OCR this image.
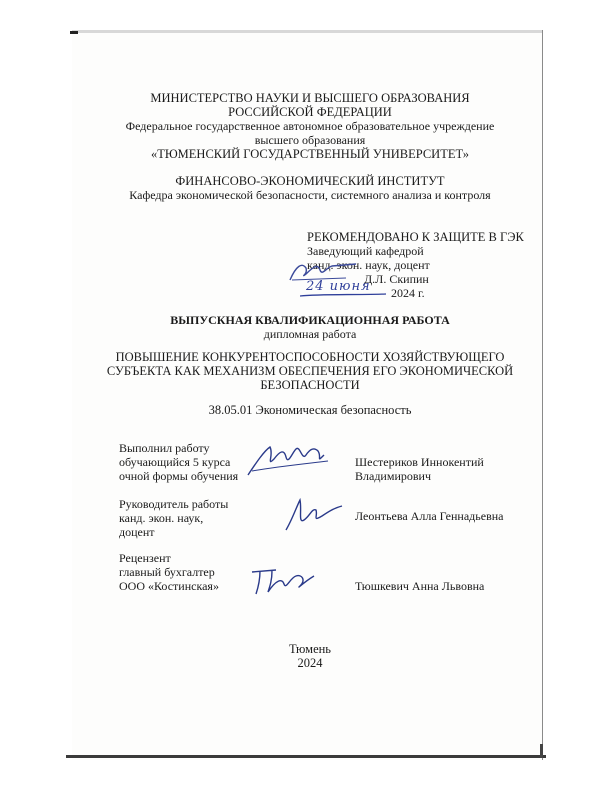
МИНИСТЕРСТВО НАУКИ И ВЫСШЕГО ОБРАЗОВАНИЯ
РОССИЙСКОЙ ФЕДЕРАЦИИ
Федеральное государственное автономное образовательное учреждение
высшего образования
«ТЮМЕНСКИЙ ГОСУДАРСТВЕННЫЙ УНИВЕРСИТЕТ»
ФИНАНСОВО-ЭКОНОМИЧЕСКИЙ ИНСТИТУТ
Кафедра экономической безопасности, системного анализа и контроля
РЕКОМЕНДОВАНО К ЗАЩИТЕ В ГЭК
Заведующий кафедрой
канд. экон. наук, доцент
Д.Л. Скипин
2024 г.
24 июня
ВЫПУСКНАЯ КВАЛИФИКАЦИОННАЯ РАБОТА
дипломная работа
ПОВЫШЕНИЕ КОНКУРЕНТОСПОСОБНОСТИ ХОЗЯЙСТВУЮЩЕГО
СУБЪЕКТА КАК МЕХАНИЗМ ОБЕСПЕЧЕНИЯ ЕГО ЭКОНОМИЧЕСКОЙ
БЕЗОПАСНОСТИ
38.05.01 Экономическая безопасность
Выполнил работу
обучающийся 5 курса
очной формы обучения
Шестериков Иннокентий
Владимирович
Руководитель работы
канд. экон. наук,
доцент
Леонтьева Алла Геннадьевна
Рецензент
главный бухгалтер
ООО «Костинская»	Тюшкевич Анна Львовна
Тюмень
2024
